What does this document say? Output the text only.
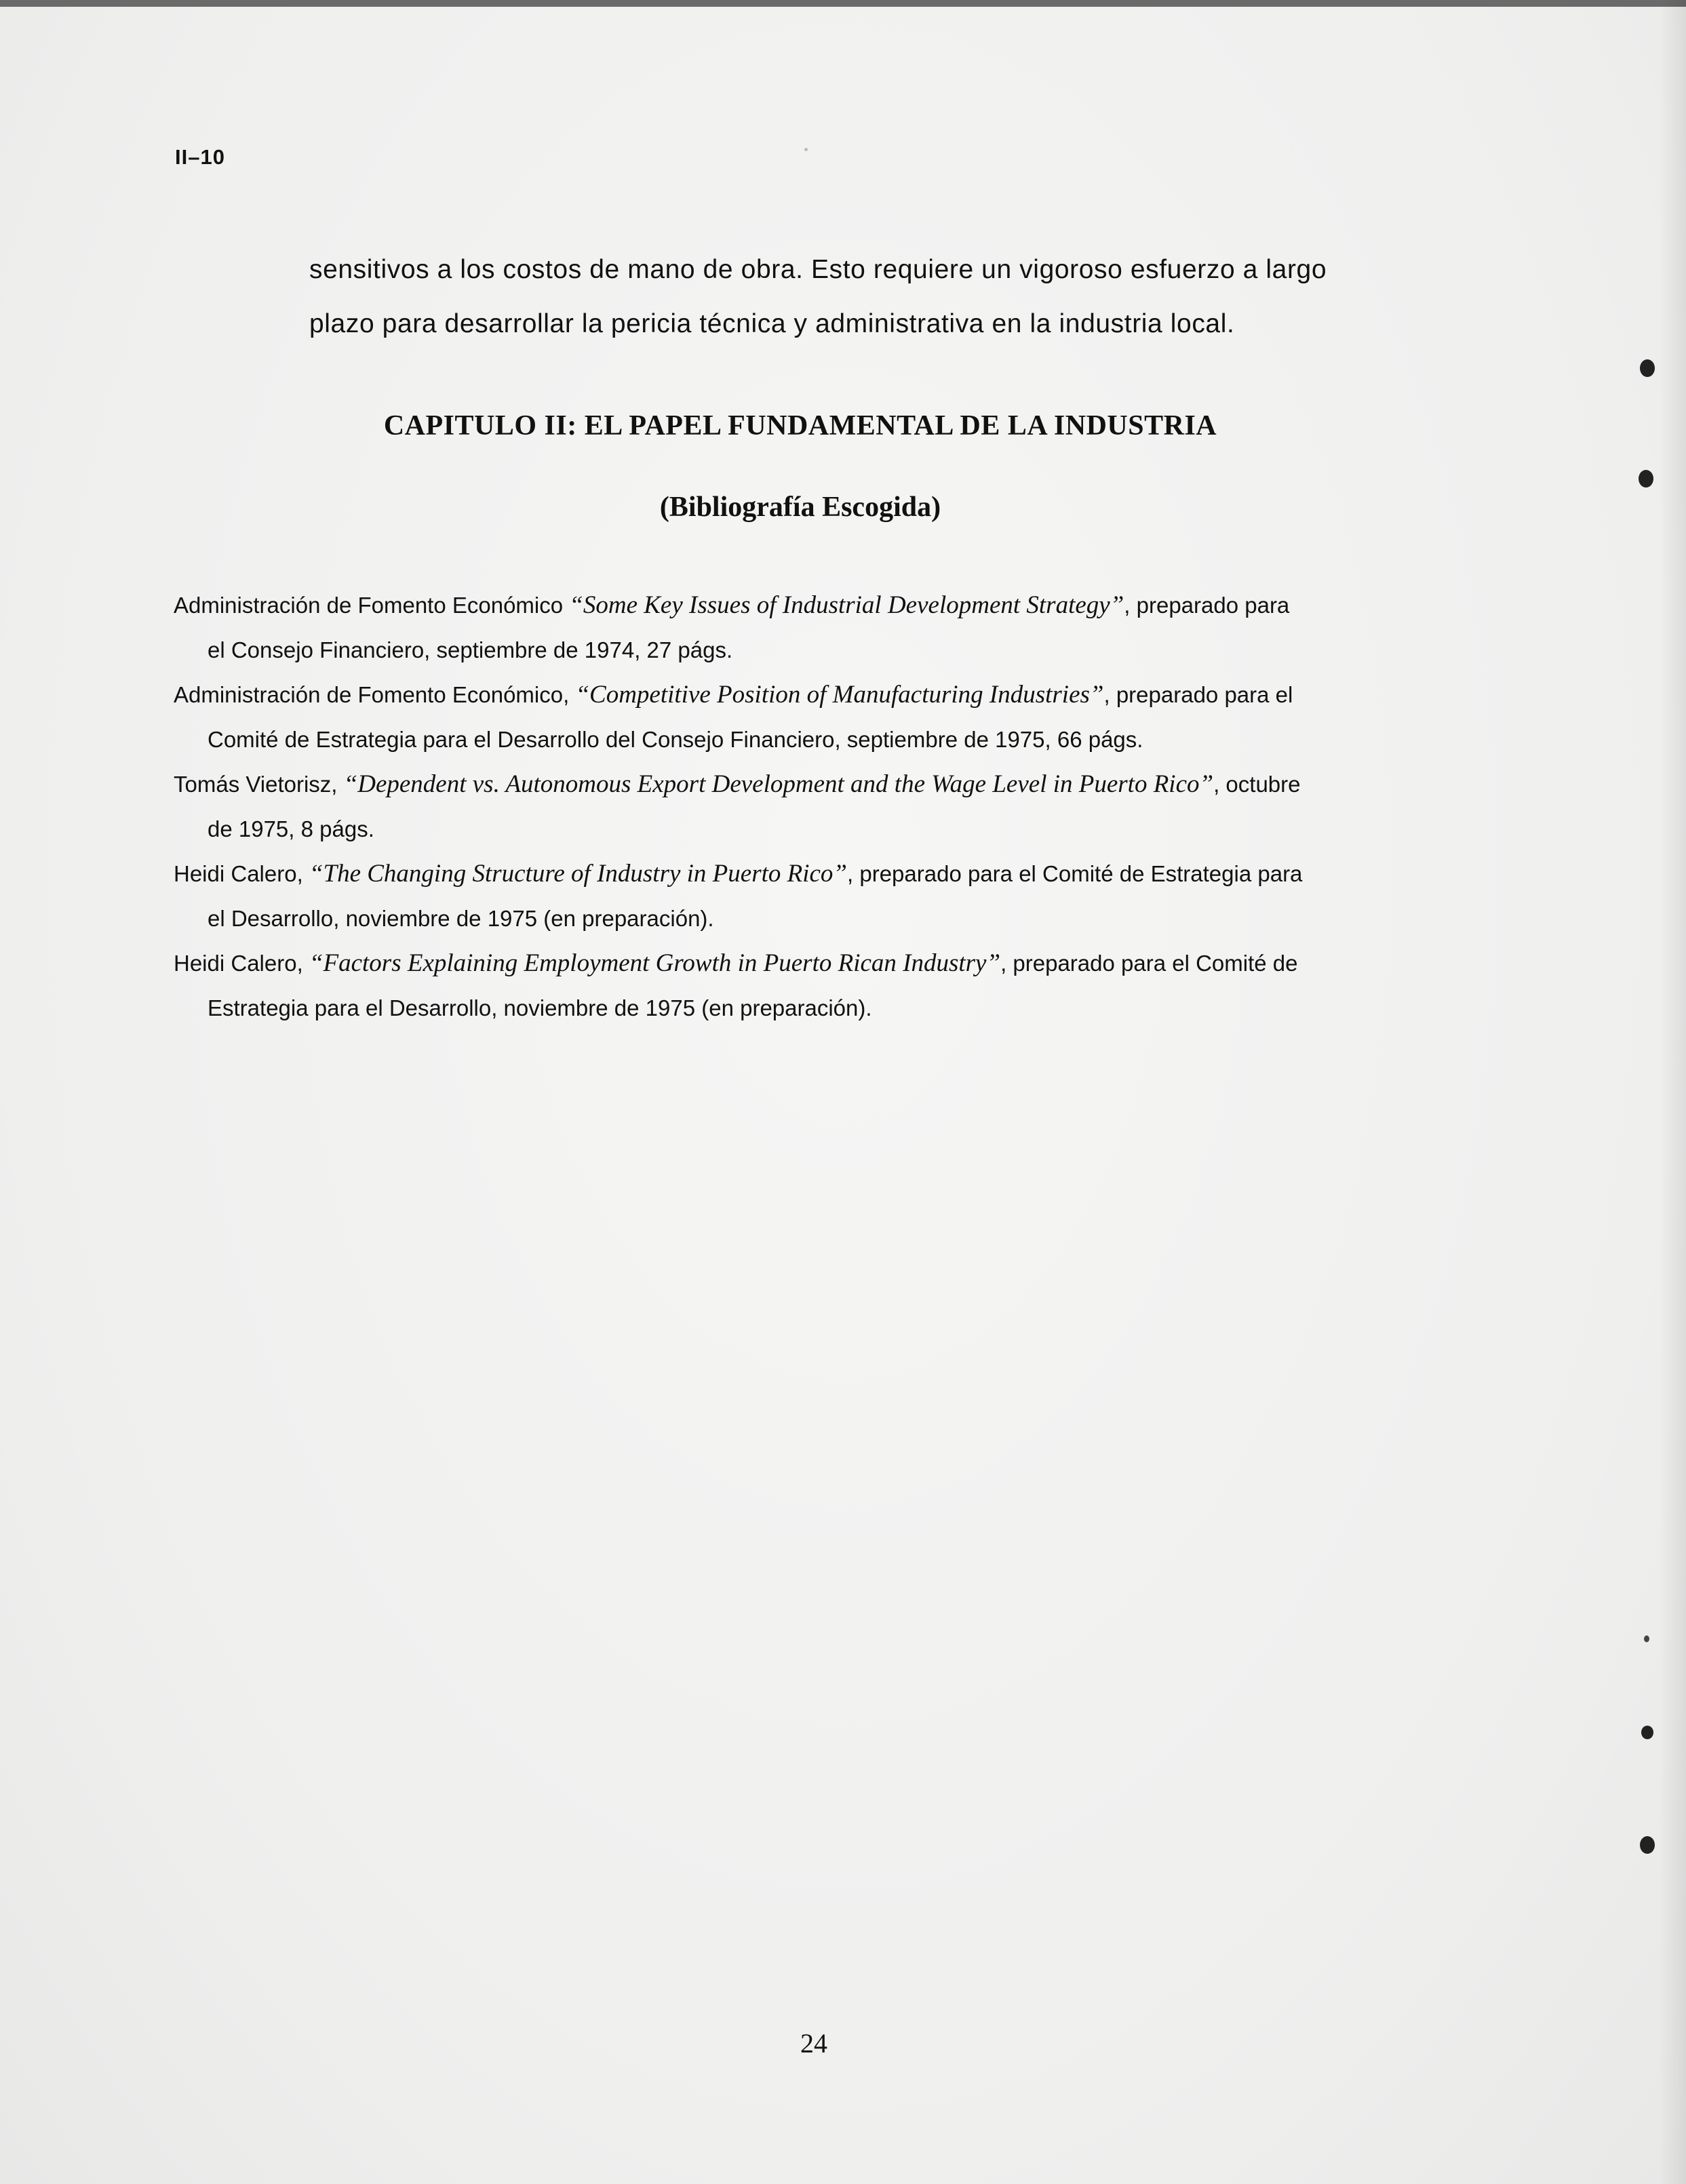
II–10
sensitivos a los costos de mano de obra. Esto requiere un vigoroso esfuerzo a largo
plazo para desarrollar la pericia técnica y administrativa en la industria local.
CAPITULO II: EL PAPEL FUNDAMENTAL DE LA INDUSTRIA
(Bibliografía Escogida)

Administración de Fomento Económico “Some Key Issues of Industrial Development Strategy”, preparado para
el Consejo Financiero, septiembre de 1974, 27 págs.

Administración de Fomento Económico, “Competitive Position of Manufacturing Industries”, preparado para el
Comité de Estrategia para el Desarrollo del Consejo Financiero, septiembre de 1975, 66 págs.

Tomás Vietorisz, “Dependent vs. Autonomous Export Development and the Wage Level in Puerto Rico”, octubre
de 1975, 8 págs.

Heidi Calero, “The Changing Structure of Industry in Puerto Rico”, preparado para el Comité de Estrategia para
el Desarrollo, noviembre de 1975 (en preparación).

Heidi Calero, “Factors Explaining Employment Growth in Puerto Rican Industry”, preparado para el Comité de
Estrategia para el Desarrollo, noviembre de 1975 (en preparación).

24
